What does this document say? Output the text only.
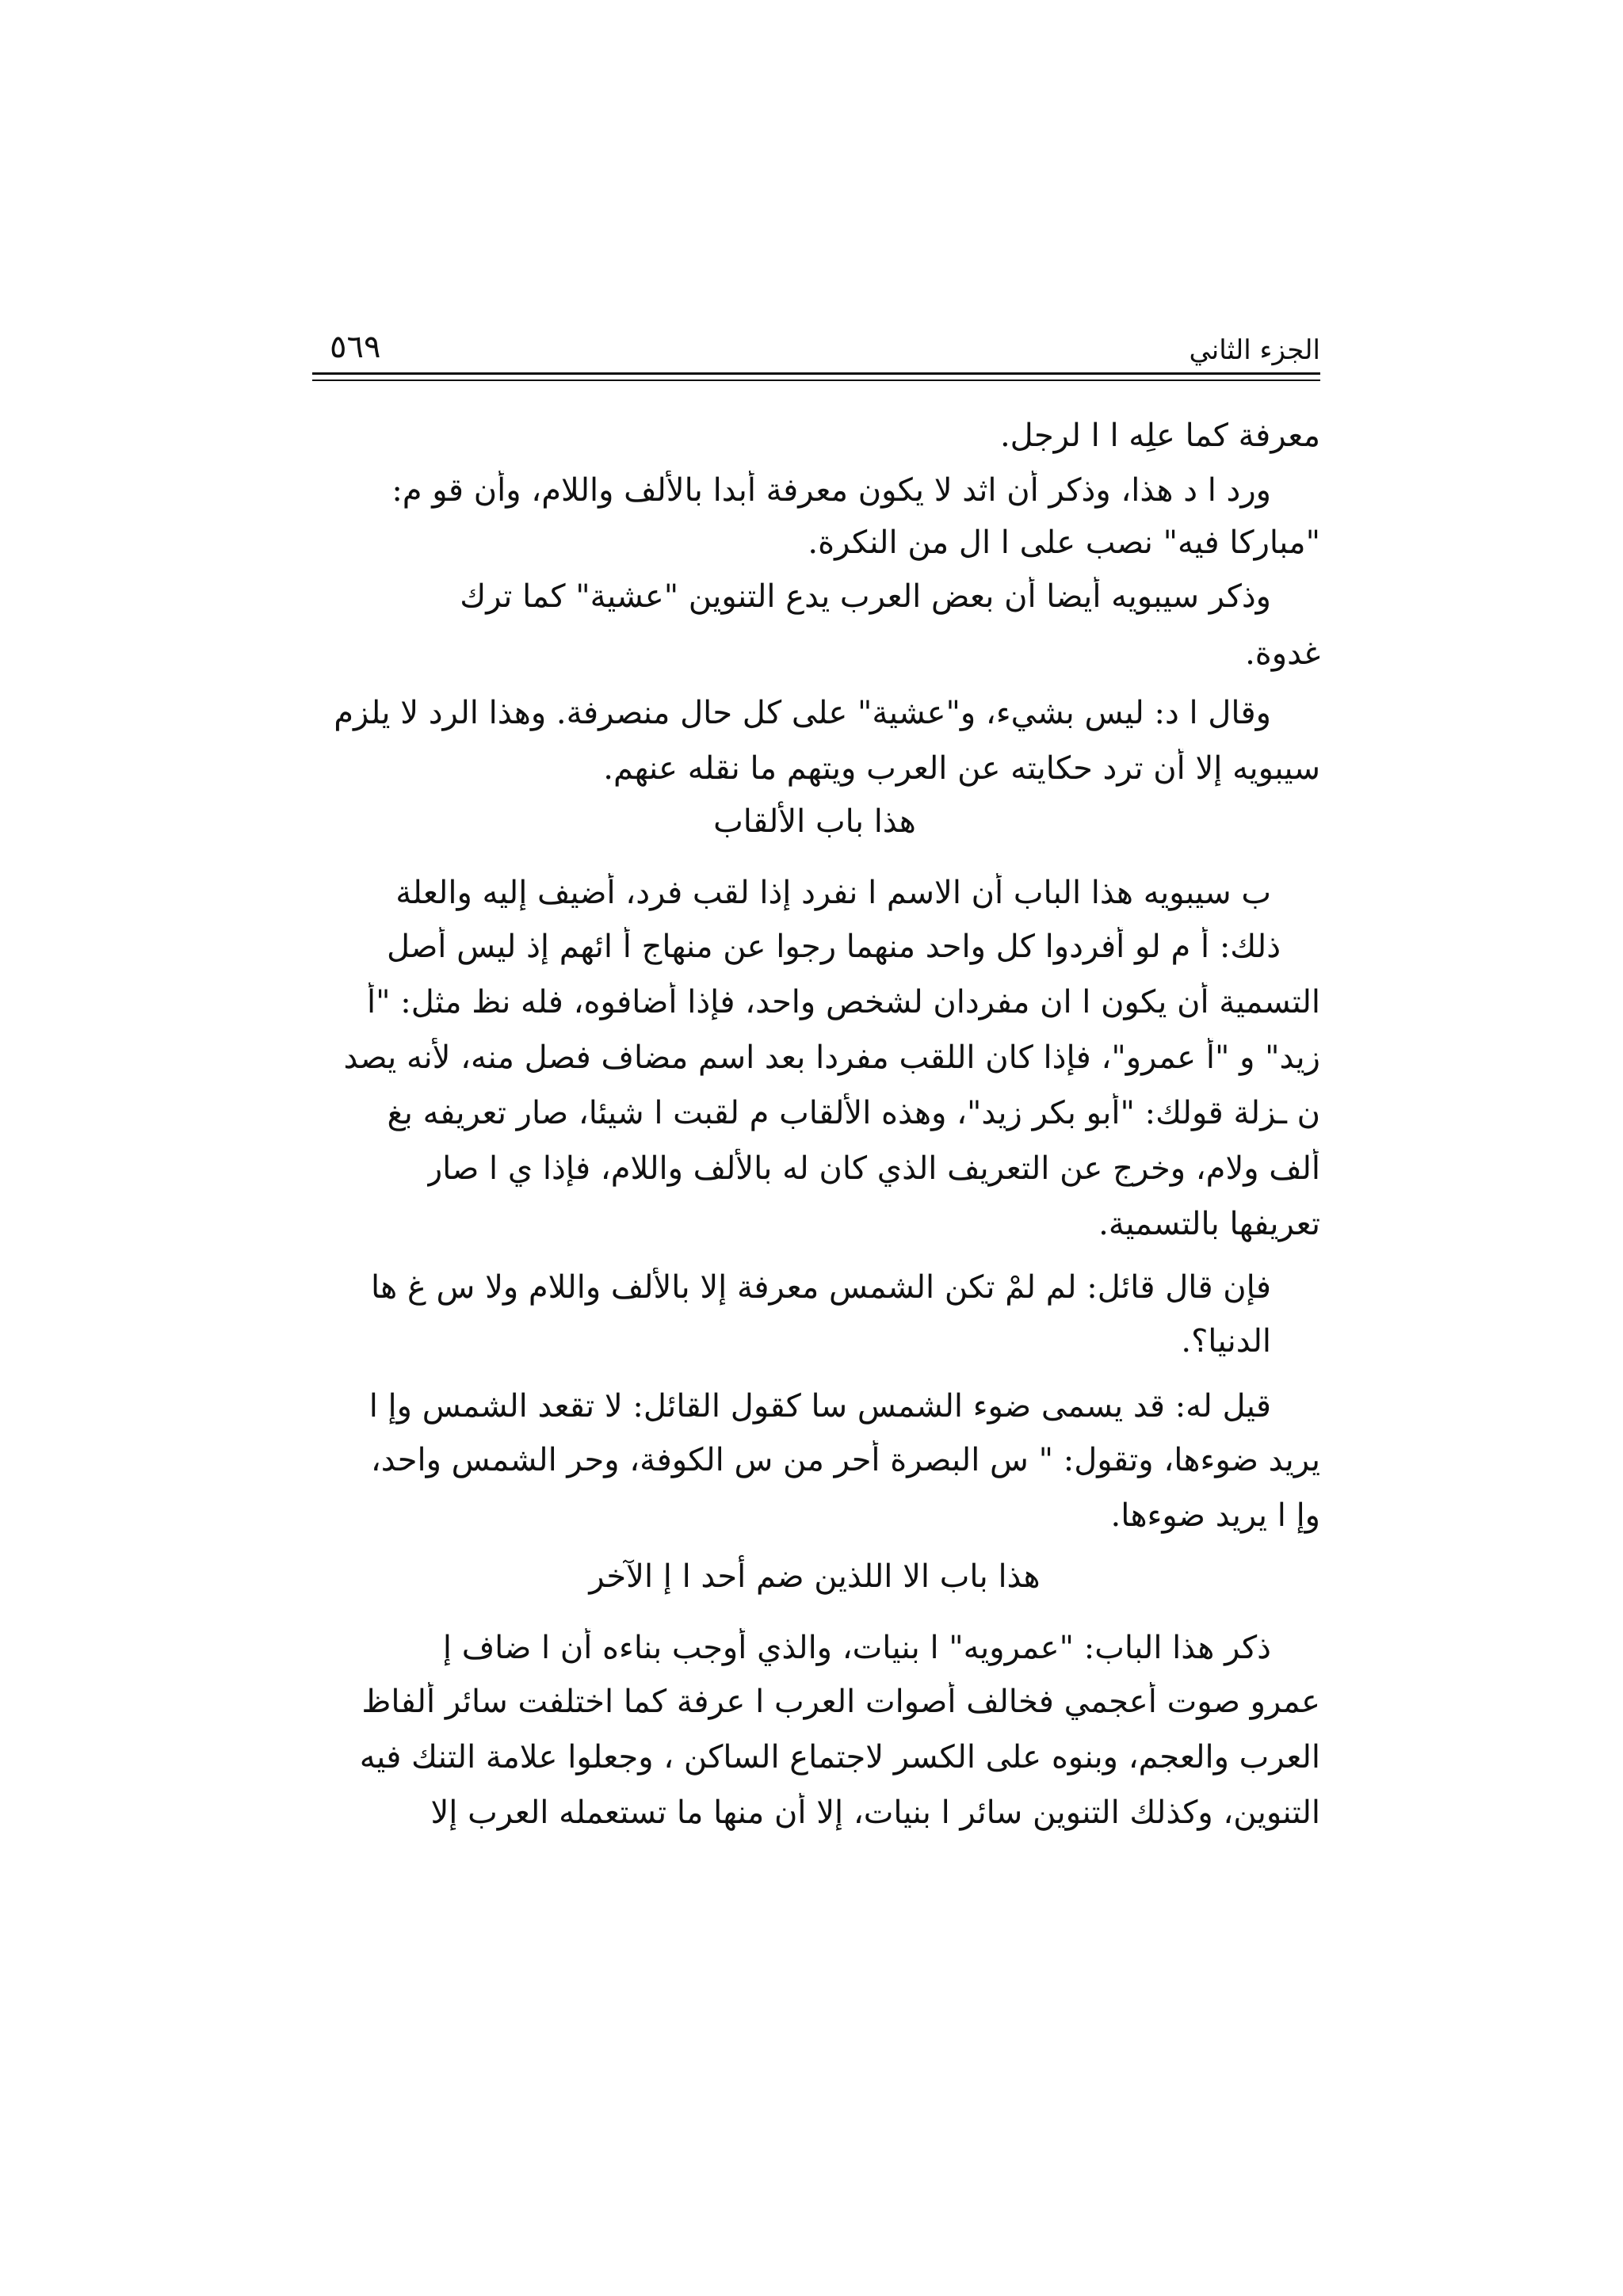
الجزء الثاني
٥٦٩
معرفة كما علِه ا ا لرجل.
ورد ا د هذا، وذكر أن اثد لا يكون معرفة أبدا بالألف واللام، وأن قو م:
"مباركا فيه" نصب على ا ال من النكرة.
وذكر سيبويه أيضا أن بعض العرب يدع التنوين "عشية" كما ترك
غدوة.
وقال ا د: ليس بشيء، و"عشية" على كل حال منصرفة. وهذا الرد لا يلزم
سيبويه إلا أن ترد حكايته عن العرب ويتهم ما نقله عنهم.
هذا باب الألقاب
ب سيبويه هذا الباب أن الاسم ا نفرد إذا لقب فرد، أضيف إليه والعلة
ذلك: أ م لو أفردوا كل واحد منهما رجوا عن منهاج أ ائهم إذ ليس أصل
التسمية أن يكون ا ان مفردان لشخص واحد، فإذا أضافوه، فله نظ مثل: "أ
زيد" و "أ عمرو"، فإذا كان اللقب مفردا بعد اسم مضاف فصل منه، لأنه يصد
ن ـزلة قولك: "أبو بكر زيد"، وهذه الألقاب م لقبت ا شيئا، صار تعريفه بغ
ألف ولام، وخرج عن التعريف الذي كان له بالألف واللام، فإذا ي ا صار
تعريفها بالتسمية.
فإن قال قائل: لم لمْ تكن الشمس معرفة إلا بالألف واللام ولا س غ ها
الدنيا؟.
قيل له: قد يسمى ضوء الشمس سا كقول القائل: لا تقعد الشمس وإ ا
يريد ضوءها، وتقول: " س البصرة أحر من س الكوفة، وحر الشمس واحد،
وإ ا يريد ضوءها.
هذا باب الا اللذين ضم أحد ا إ الآخر
ذكر هذا الباب: "عمرويه" ا بنيات، والذي أوجب بناءه أن ا ضاف إ
عمرو صوت أعجمي فخالف أصوات العرب ا عرفة كما اختلفت سائر ألفاظ
العرب والعجم، وبنوه على الكسر لاجتماع الساكن ، وجعلوا علامة التنك فيه
التنوين، وكذلك التنوين سائر ا بنيات، إلا أن منها ما تستعمله العرب إلا
